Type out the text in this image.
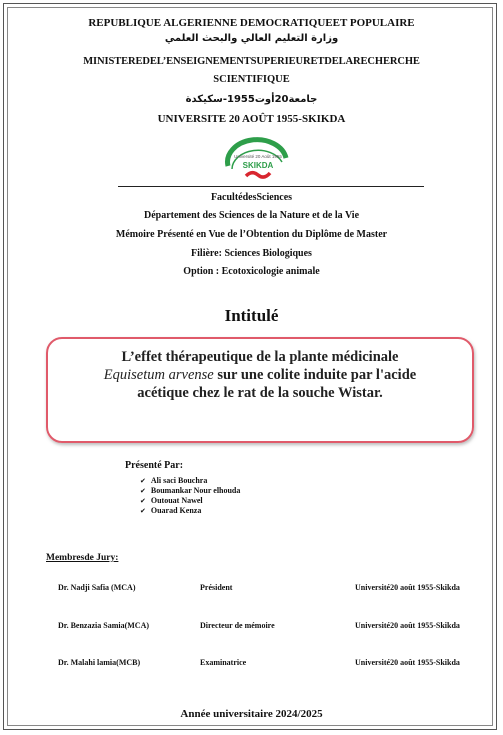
REPUBLIQUE ALGERIENNE DEMOCRATIQUEET POPULAIRE
وزارة التعليم العالي والبحث العلمي
MINISTEREDEL’ENSEIGNEMENTSUPERIEURETDELARECHERCHE
SCIENTIFIQUE
جامعة20أوت1955-سكيكدة
UNIVERSITE 20 AOÛT 1955-SKIKDA
Université 20 Août 1955
SKIKDA
FacultédesSciences
Département des Sciences de la Nature et de la Vie
Mémoire Présenté en Vue de l’Obtention du Diplôme de Master
Filière: Sciences Biologiques
Option : Ecotoxicologie animale
Intitulé
L’effet thérapeutique de la plante médicinale
Equisetum arvense sur une colite induite par l'acide
acétique chez le rat de la souche Wistar.
Présenté Par:
✔ Ali saci Bouchra
✔ Boumankar Nour elhouda
✔ Outouat Nawel
✔ Ouarad Kenza
Membresde Jury:
Dr. Nadji Safia (MCA)	Président	Université20 août 1955-Skikda
Dr. Benzazia Samia(MCA)	Directeur de mémoire	Université20 août 1955-Skikda
Dr. Malahi lamia(MCB)	Examinatrice	Université20 août 1955-Skikda
Année universitaire 2024/2025
